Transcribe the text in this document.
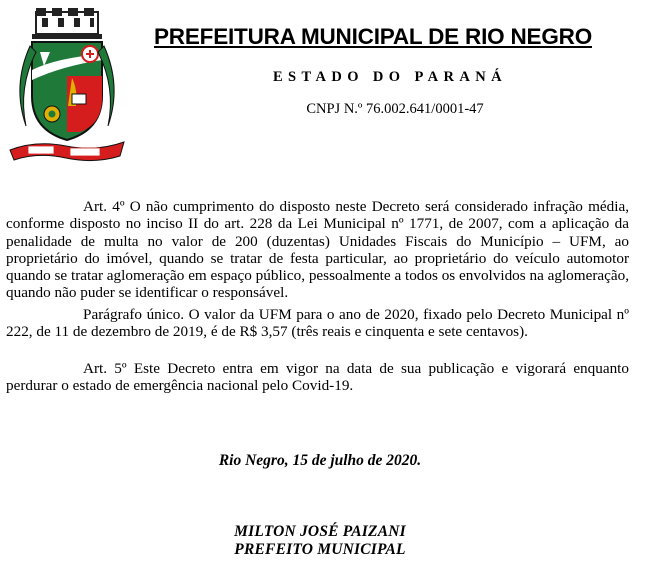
PREFEITURA MUNICIPAL DE RIO NEGRO
ESTADO DO PARANÁ
CNPJ N.º 76.002.641/0001-47

Art. 4º O não cumprimento do disposto neste Decreto será considerado infração média, conforme disposto no inciso II do art. 228 da Lei Municipal nº 1771, de 2007, com a aplicação da penalidade de multa no valor de 200 (duzentas) Unidades Fiscais do Município – UFM, ao proprietário do imóvel, quando se tratar de festa particular, ao proprietário do veículo automotor quando se tratar aglomeração em espaço público, pessoalmente a todos os envolvidos na aglomeração, quando não puder se identificar o responsável.

Parágrafo único. O valor da UFM para o ano de 2020, fixado pelo Decreto Municipal nº 222, de 11 de dezembro de 2019, é de R$ 3,57 (três reais e cinquenta e sete centavos).

Art. 5º Este Decreto entra em vigor na data de sua publicação e vigorará enquanto perdurar o estado de emergência nacional pelo Covid-19.

Rio Negro, 15 de julho de 2020.
MILTON JOSÉ PAIZANI
PREFEITO MUNICIPAL
